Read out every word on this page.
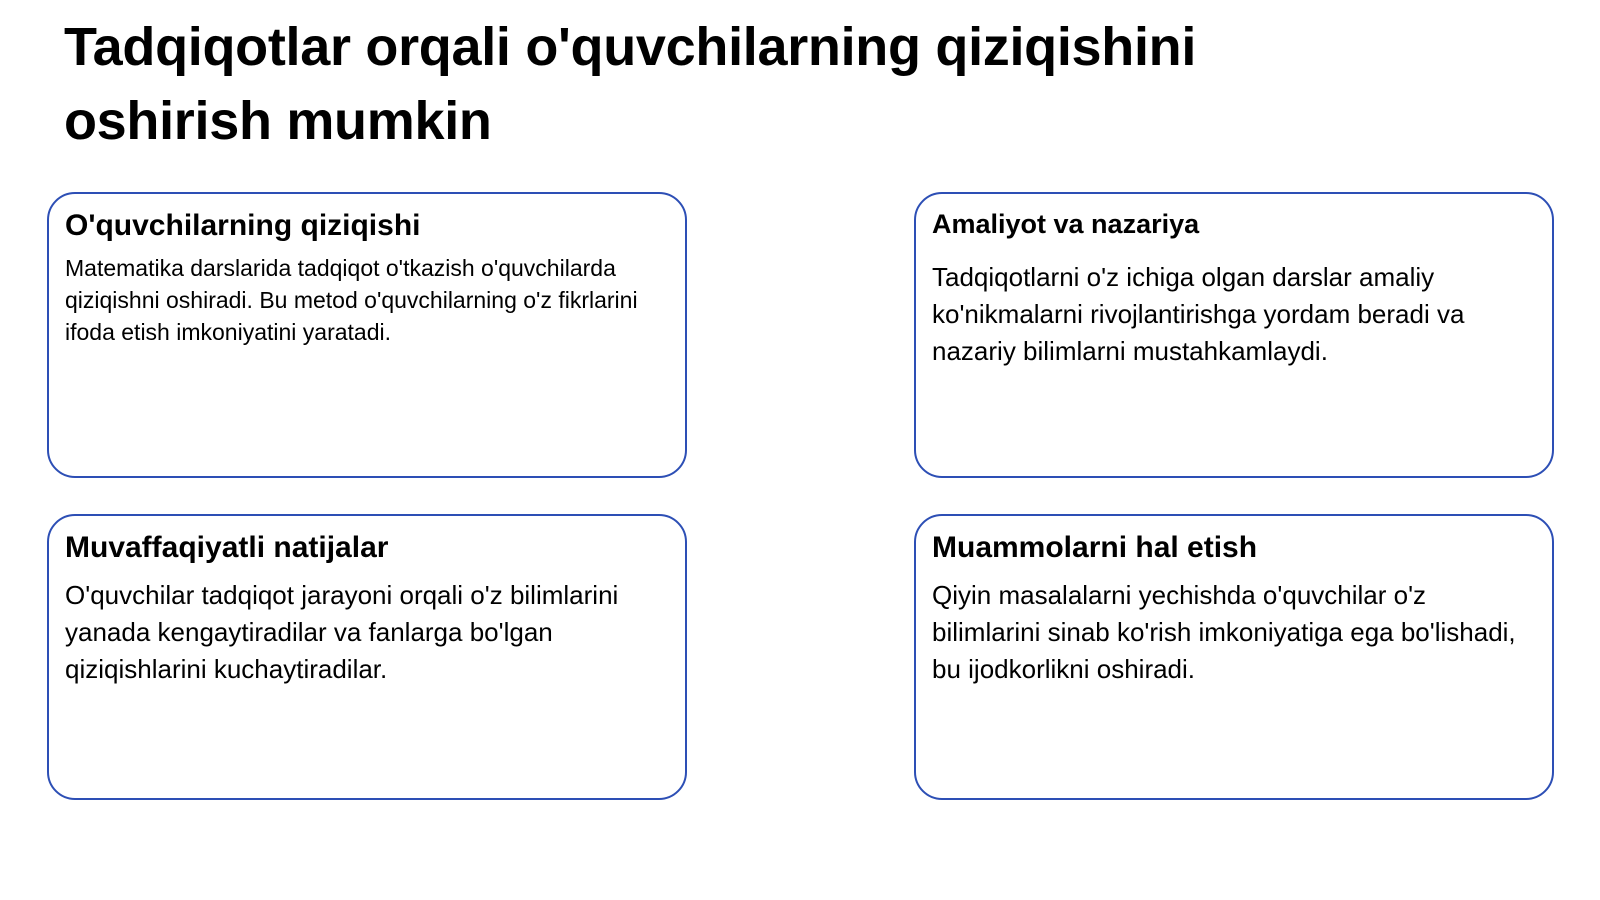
Tadqiqotlar orqali o'quvchilarning qiziqishini oshirish mumkin
O'quvchilarning qiziqishi

Matematika darslarida tadqiqot o'tkazish o'quvchilarda qiziqishni oshiradi. Bu metod o'quvchilarning o'z fikrlarini ifoda etish imkoniyatini yaratadi.

Amaliyot va nazariya

Tadqiqotlarni o'z ichiga olgan darslar amaliy ko'nikmalarni rivojlantirishga yordam beradi va nazariy bilimlarni mustahkamlaydi.

Muvaffaqiyatli natijalar

O'quvchilar tadqiqot jarayoni orqali o'z bilimlarini yanada kengaytiradilar va fanlarga bo'lgan qiziqishlarini kuchaytiradilar.

Muammolarni hal etish

Qiyin masalalarni yechishda o'quvchilar o'z bilimlarini sinab ko'rish imkoniyatiga ega bo'lishadi, bu ijodkorlikni oshiradi.
